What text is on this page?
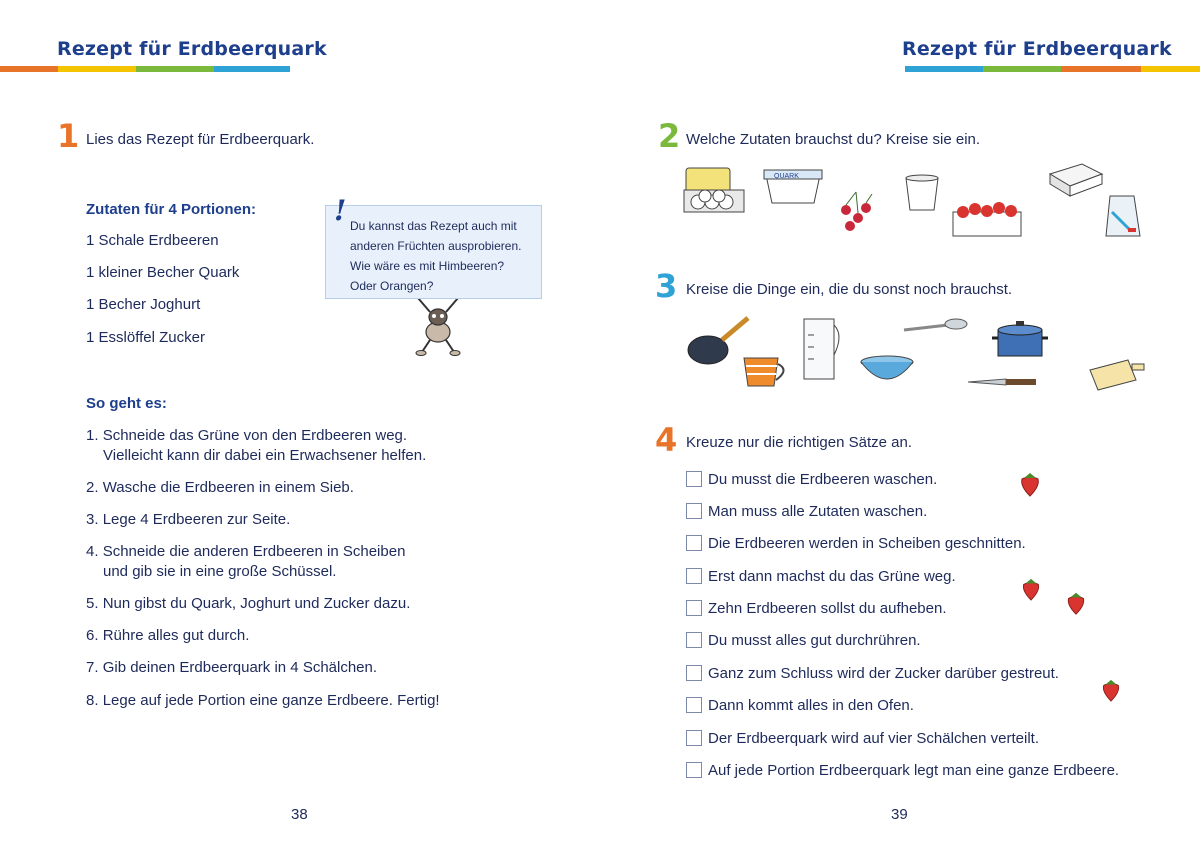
Rezept für Erdbeerquark
1 Lies das Rezept für Erdbeerquark.
Zutaten für 4 Portionen:
1 Schale Erdbeeren
1 kleiner Becher Quark
1 Becher Joghurt
1 Esslöffel Zucker
! Du kannst das Rezept auch mit
anderen Früchten ausprobieren.
Wie wäre es mit Himbeeren?
Oder Orangen?
So geht es:
1. Schneide das Grüne von den Erdbeeren weg.
Vielleicht kann dir dabei ein Erwachsener helfen.
2. Wasche die Erdbeeren in einem Sieb.
3. Lege 4 Erdbeeren zur Seite.
4. Schneide die anderen Erdbeeren in Scheiben
und gib sie in eine große Schüssel.
5. Nun gibst du Quark, Joghurt und Zucker dazu.
6. Rühre alles gut durch.
7. Gib deinen Erdbeerquark in 4 Schälchen.
8. Lege auf jede Portion eine ganze Erdbeere. Fertig!
38
Rezept für Erdbeerquark
2 Welche Zutaten brauchst du? Kreise sie ein.
QUARK
3 Kreise die Dinge ein, die du sonst noch brauchst.
4 Kreuze nur die richtigen Sätze an.
Du musst die Erdbeeren waschen.
Man muss alle Zutaten waschen.
Die Erdbeeren werden in Scheiben geschnitten.
Erst dann machst du das Grüne weg.
Zehn Erdbeeren sollst du aufheben.
Du musst alles gut durchrühren.
Ganz zum Schluss wird der Zucker darüber gestreut.
Dann kommt alles in den Ofen.
Der Erdbeerquark wird auf vier Schälchen verteilt.
Auf jede Portion Erdbeerquark legt man eine ganze Erdbeere.
39
